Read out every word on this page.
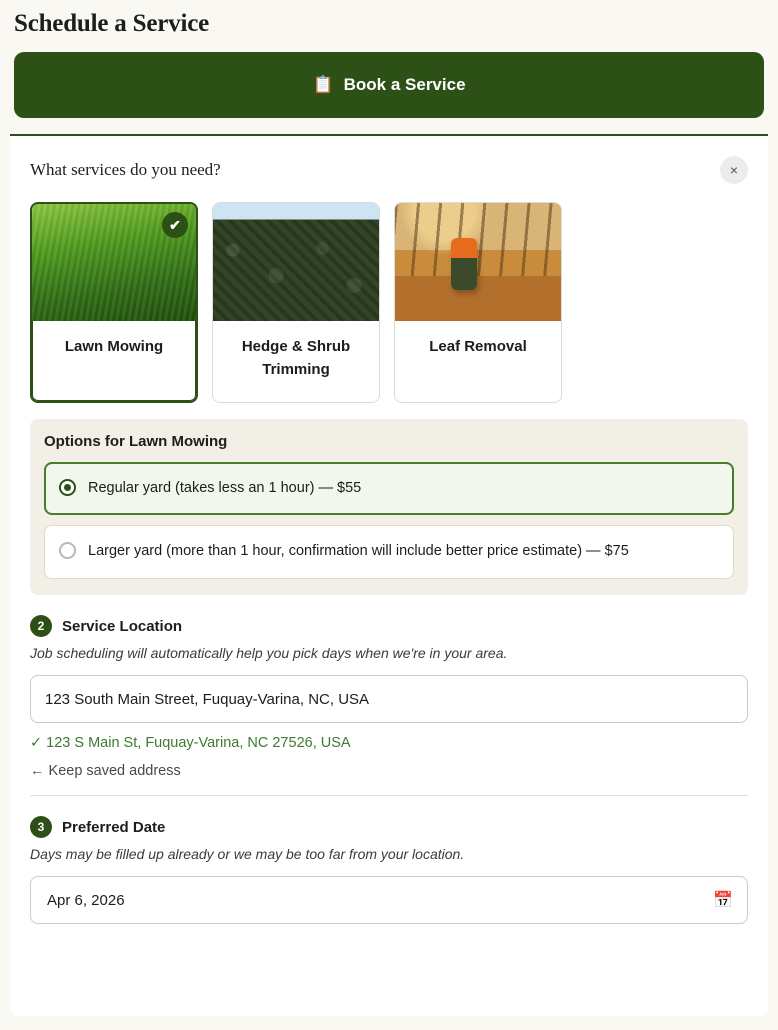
Schedule a Service
📋 Book a Service
What services do you need?	×
✔
Lawn Mowing	Hedge & Shrub Trimming
Leaf Removal
Options for Lawn Mowing
Regular yard (takes less an 1 hour) — $55
Larger yard (more than 1 hour, confirmation will include better price estimate) — $75
2	Service Location
Job scheduling will automatically help you pick days when we're in your area.
123 South Main Street, Fuquay-Varina, NC, USA
✓ 123 S Main St, Fuquay-Varina, NC 27526, USA
← Keep saved address
3	Preferred Date
Days may be filled up already or we may be too far from your location.
Apr 6, 2026	📅
